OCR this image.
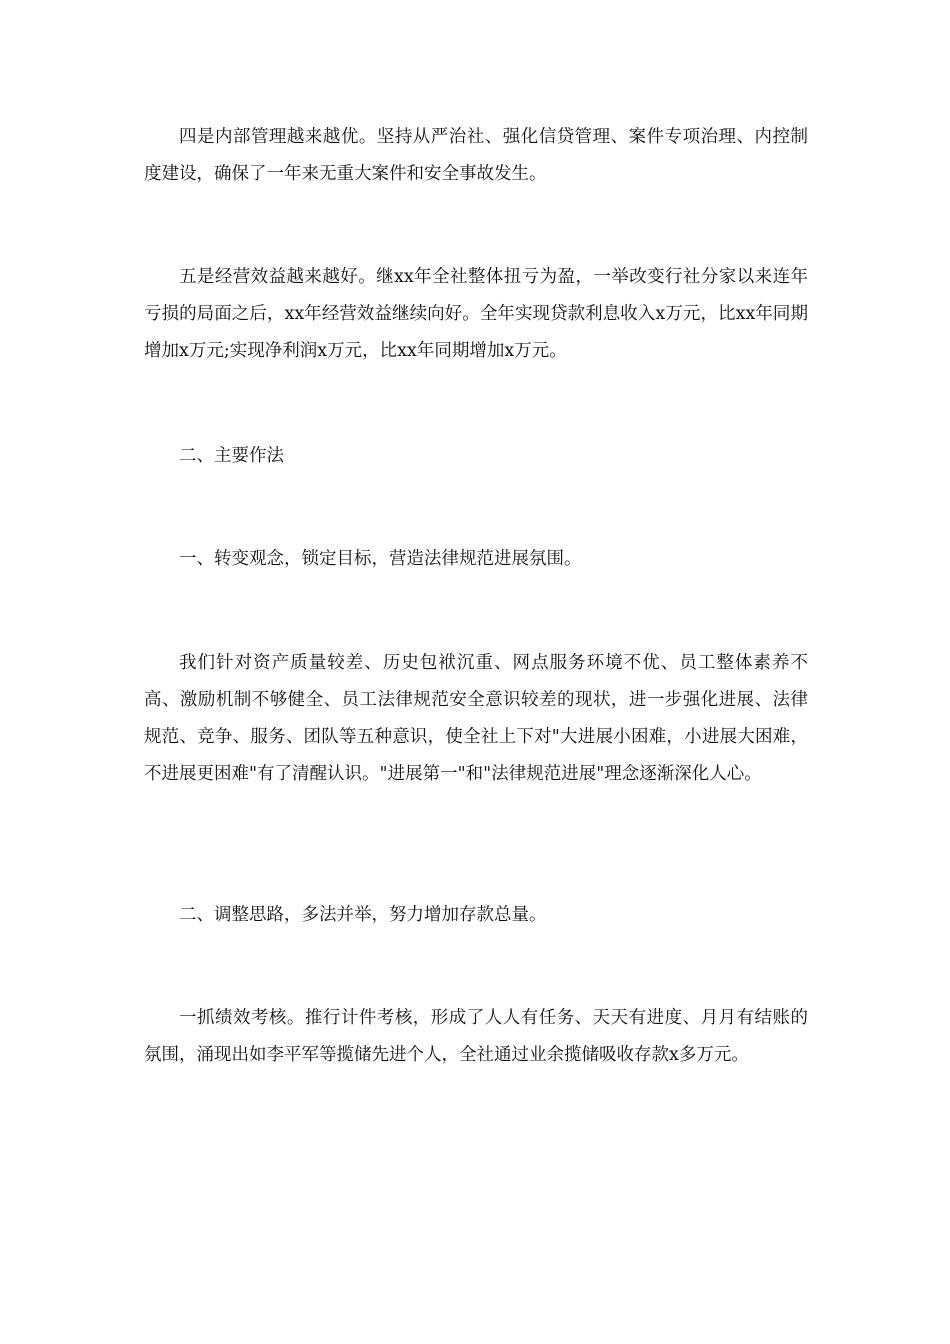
四是内部管理越来越优。坚持从严治社、强化信贷管理、案件专项治理、内控制度建设，确保了一年来无重大案件和安全事故发生。

五是经营效益越来越好。继xx年全社整体扭亏为盈，一举改变行社分家以来连年亏损的局面之后，xx年经营效益继续向好。全年实现贷款利息收入x万元，比xx年同期增加x万元;实现净利润x万元，比xx年同期增加x万元。

二、主要作法

一、转变观念，锁定目标，营造法律规范进展氛围。

我们针对资产质量较差、历史包袱沉重、网点服务环境不优、员工整体素养不高、激励机制不够健全、员工法律规范安全意识较差的现状，进一步强化进展、法律规范、竞争、服务、团队等五种意识，使全社上下对"大进展小困难，小进展大困难，不进展更困难"有了清醒认识。"进展第一"和"法律规范进展"理念逐渐深化人心。

二、调整思路，多法并举，努力增加存款总量。

一抓绩效考核。推行计件考核，形成了人人有任务、天天有进度、月月有结账的氛围，涌现出如李平军等揽储先进个人，全社通过业余揽储吸收存款x多万元。
